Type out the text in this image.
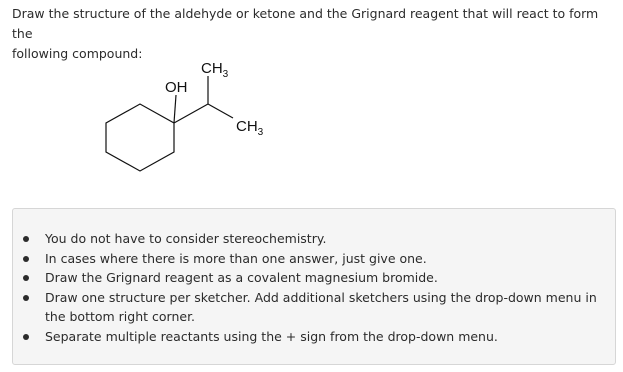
Draw the structure of the aldehyde or ketone and the Grignard reagent that will react to form the
following compound:

OH
$CH_3$
$CH_3$
You do not have to consider stereochemistry.
In cases where there is more than one answer, just give one.
Draw the Grignard reagent as a covalent magnesium bromide.
Draw one structure per sketcher. Add additional sketchers using the drop-down menu in
the bottom right corner.
Separate multiple reactants using the + sign from the drop-down menu.
